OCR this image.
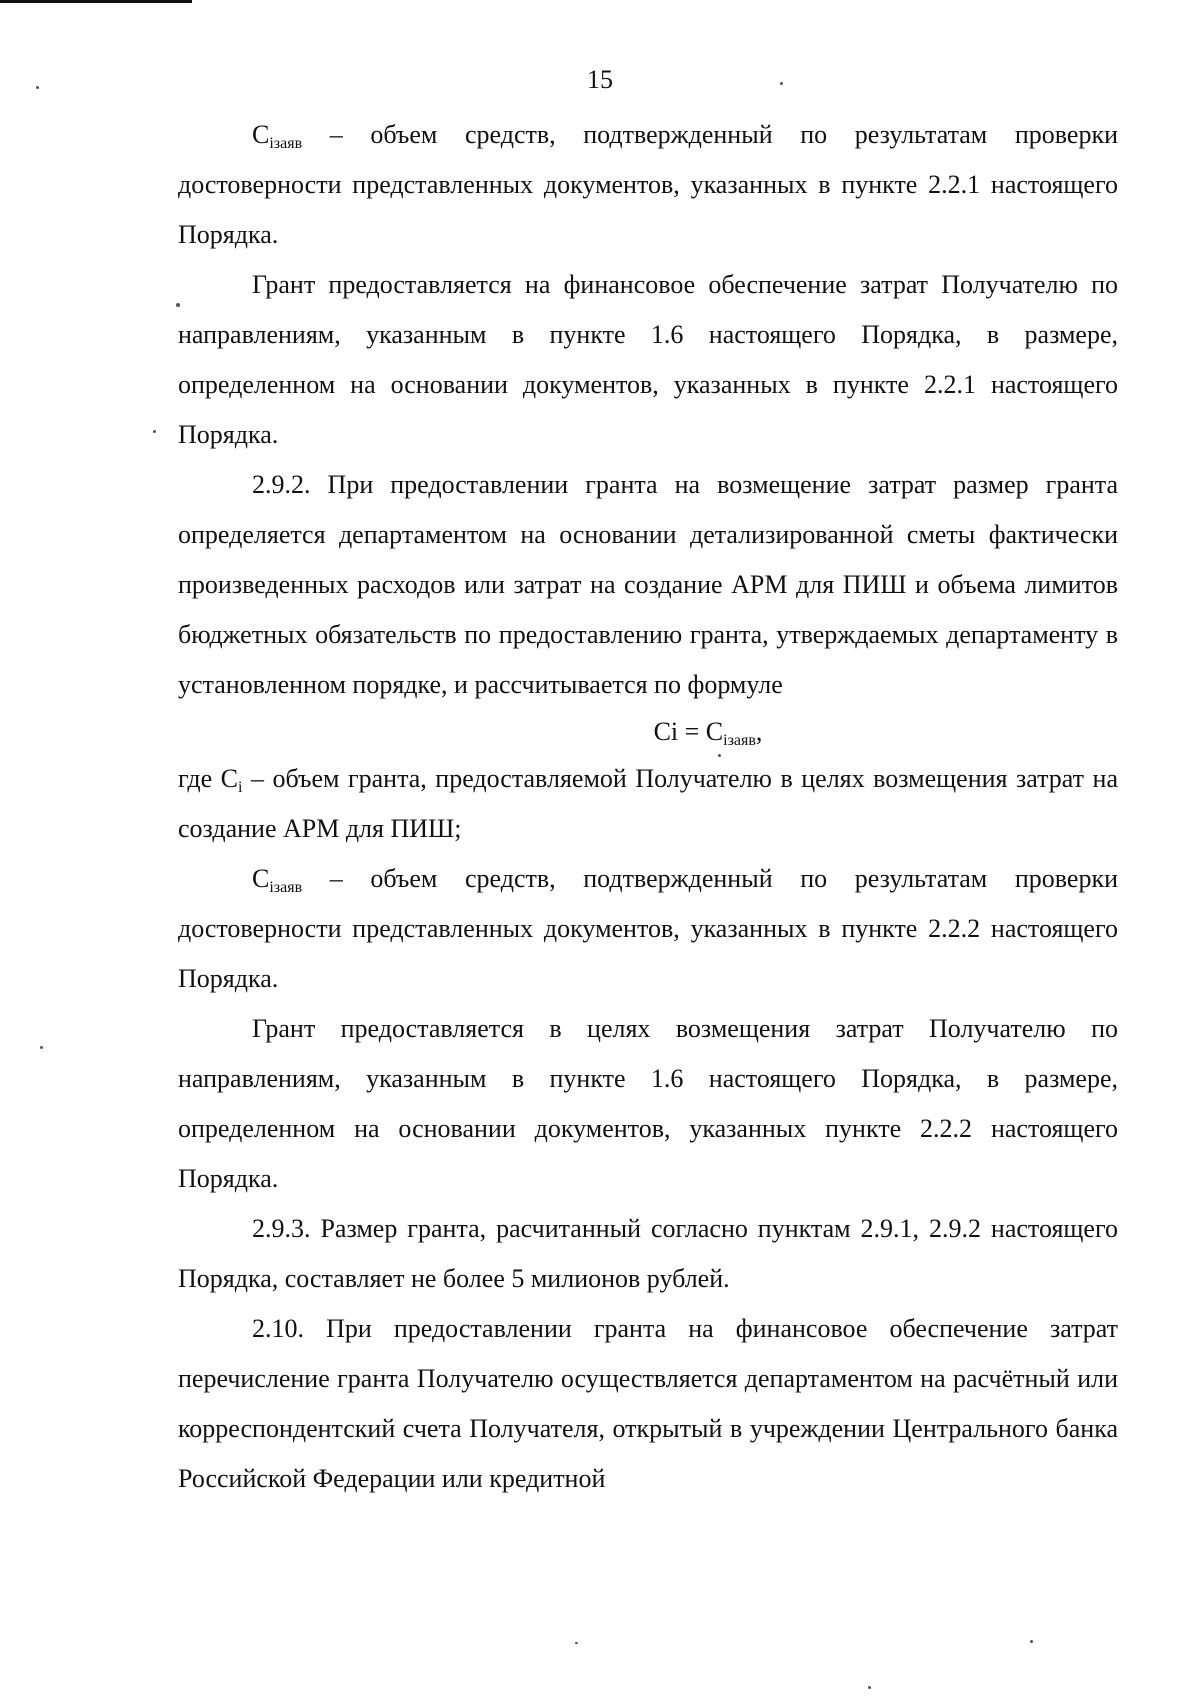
15

$C_{iзаяв}$ – объем средств, подтвержденный по результатам проверки достоверности представленных документов, указанных в пункте 2.2.1 настоящего Порядка.

Грант предоставляется на финансовое обеспечение затрат Получателю по направлениям, указанным в пункте 1.6 настоящего Порядка, в размере, определенном на основании документов, указанных в пункте 2.2.1 настоящего Порядка.

2.9.2. При предоставлении гранта на возмещение затрат размер гранта определяется департаментом на основании детализированной сметы фактически произведенных расходов или затрат на создание АРМ для ПИШ и объема лимитов бюджетных обязательств по предоставлению гранта, утверждаемых департаменту в установленном порядке, и рассчитывается по формуле

$Ci = C_{iзаяв}$,

где $C_i$ – объем гранта, предоставляемой Получателю в целях возмещения затрат на создание АРМ для ПИШ;

$C_{iзаяв}$ – объем средств, подтвержденный по результатам проверки достоверности представленных документов, указанных в пункте 2.2.2 настоящего Порядка.

Грант предоставляется в целях возмещения затрат Получателю по направлениям, указанным в пункте 1.6 настоящего Порядка, в размере, определенном на основании документов, указанных пункте 2.2.2 настоящего Порядка.

2.9.3. Размер гранта, расчитанный согласно пунктам 2.9.1, 2.9.2 настоящего Порядка, составляет не более 5 милионов рублей.

2.10. При предоставлении гранта на финансовое обеспечение затрат перечисление гранта Получателю осуществляется департаментом на расчётный или корреспондентский счета Получателя, открытый в учреждении Центрального банка Российской Федерации или кредитной
